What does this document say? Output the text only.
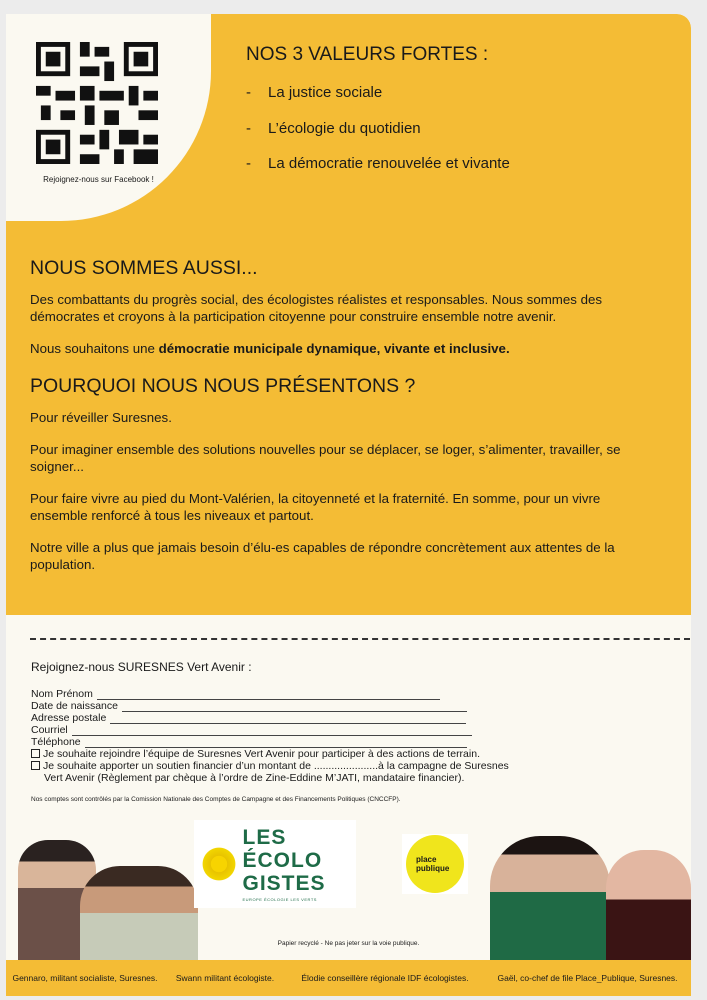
Rejoignez-nous sur Facebook !
NOS 3 VALEURS FORTES :
- La justice sociale
- L’écologie du quotidien
- La démocratie renouvelée et vivante
NOUS SOMMES AUSSI...

Des combattants du progrès social, des écologistes réalistes et responsables. Nous sommes des démocrates et croyons à la participation citoyenne pour construire ensemble notre avenir.

Nous souhaitons une démocratie municipale dynamique, vivante et inclusive.

POURQUOI NOUS NOUS PRÉSENTONS ?

Pour réveiller Suresnes.

Pour imaginer ensemble des solutions nouvelles pour se déplacer, se loger, s’alimenter, travailler, se soigner...

Pour faire vivre au pied du Mont-Valérien, la citoyenneté et la fraternité. En somme, pour un vivre ensemble renforcé à tous les niveaux et partout.

Notre ville a plus que jamais besoin d’élu-es capables de répondre concrètement aux attentes de la population.

Rejoignez-nous SURESNES Vert Avenir :
Nom Prénom
Date de naissance
Adresse postale
Courriel
Téléphone
Je souhaite rejoindre l’équipe de Suresnes Vert Avenir pour participer à des actions de terrain.
Je souhaite apporter un soutien financier d’un montant de ......................à la campagne de Suresnes
Vert Avenir (Règlement par chèque à l’ordre de Zine-Eddine M’JATI, mandataire financier).
Nos comptes sont contrôlés par la Comission Nationale des Comptes de Campagne et des Financements Politiques (CNCCFP).
LES ÉCOLO GISTES
EUROPE ÉCOLOGIE LES VERTS
place publique
Papier recyclé - Ne pas jeter sur la voie publique.
Gennaro, militant socialiste, Suresnes.	Swann militant écologiste.	Élodie conseillère régionale IDF écologistes.	Gaël, co-chef de file Place_Publique, Suresnes.
